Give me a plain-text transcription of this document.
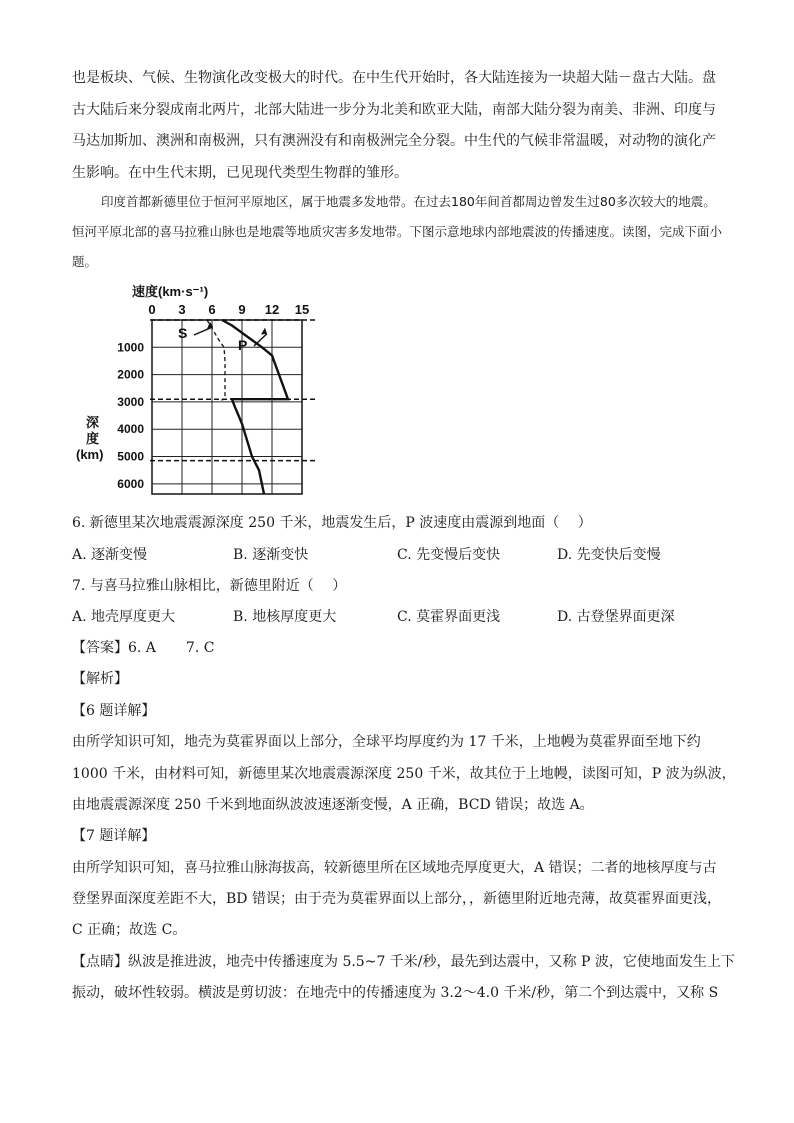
也是板块、气候、生物演化改变极大的时代。在中生代开始时，各大陆连接为一块超大陆－盘古大陆。盘古大陆后来分裂成南北两片，北部大陆进一步分为北美和欧亚大陆，南部大陆分裂为南美、非洲、印度与马达加斯加、澳洲和南极洲，只有澳洲没有和南极洲完全分裂。中生代的气候非常温暖，对动物的演化产生影响。在中生代末期，已见现代类型生物群的雏形。

印度首都新德里位于恒河平原地区，属于地震多发地带。在过去180年间首都周边曾发生过80多次较大的地震。恒河平原北部的喜马拉雅山脉也是地震等地质灾害多发地带。下图示意地球内部地震波的传播速度。读图，完成下面小题。

0 3 6 9 12 15
1000
2000
3000
4000
5000
6000
S
P
速度(km·s⁻¹)
深度(km)
6. 新德里某次地震震源深度 250 千米，地震发生后，P 波速度由震源到地面（　 ）
A. 逐渐变慢	B. 逐渐变快	C. 先变慢后变快	D. 先变快后变慢
7. 与喜马拉雅山脉相比，新德里附近（　 ）
A. 地壳厚度更大	B. 地核厚度更大	C. 莫霍界面更浅	D. 古登堡界面更深
【答案】6. A 7. C
【解析】
【6 题详解】
由所学知识可知，地壳为莫霍界面以上部分，全球平均厚度约为 17 千米，上地幔为莫霍界面至地下约
1000 千米，由材料可知，新德里某次地震震源深度 250 千米，故其位于上地幔，读图可知，P 波为纵波，
由地震震源深度 250 千米到地面纵波波速逐渐变慢，A 正确，BCD 错误；故选 A。
【7 题详解】
由所学知识可知，喜马拉雅山脉海拔高，较新德里所在区域地壳厚度更大，A 错误；二者的地核厚度与古
登堡界面深度差距不大，BD 错误；由于壳为莫霍界面以上部分，，新德里附近地壳薄，故莫霍界面更浅，
C 正确；故选 C。
【点睛】纵波是推进波，地壳中传播速度为 5.5~7 千米/秒，最先到达震中，又称 P 波，它使地面发生上下
振动，破坏性较弱。横波是剪切波：在地壳中的传播速度为 3.2～4.0 千米/秒，第二个到达震中，又称 S
